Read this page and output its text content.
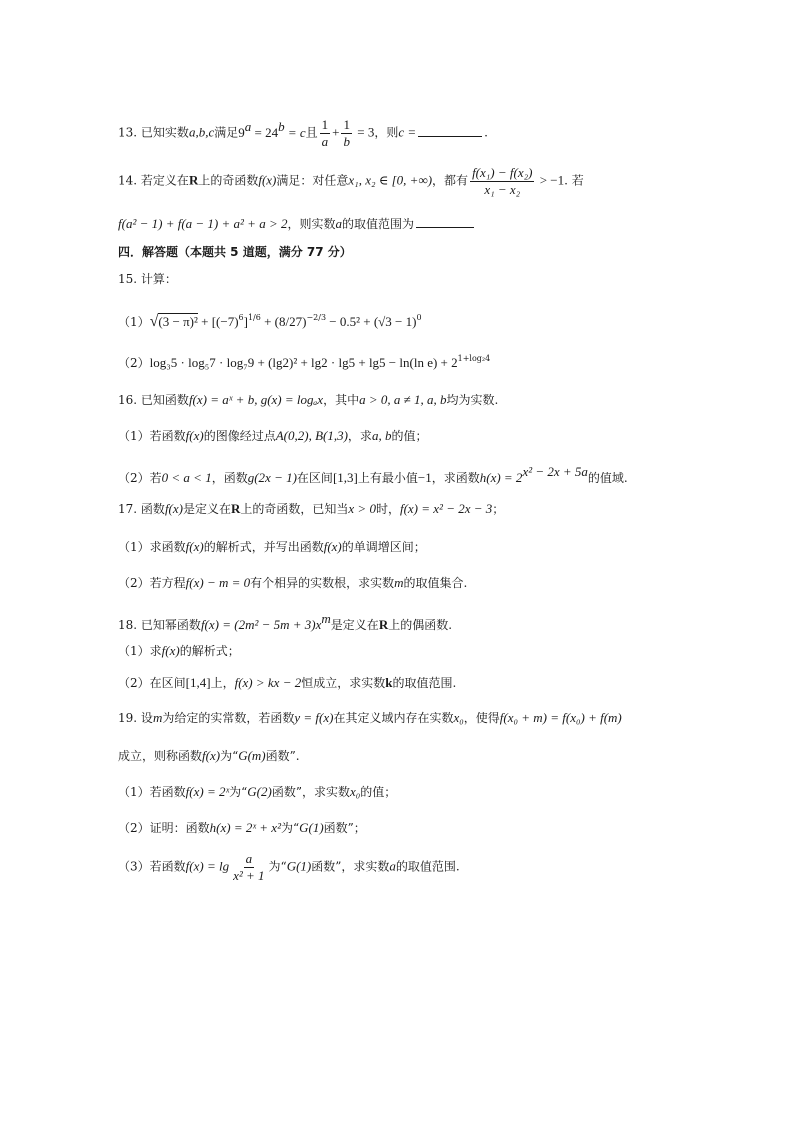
13. 已知实数a,b,c满足$9^a = 24^b = c$且 $\frac{1}{a} + \frac{1}{b} = 3$，则c =	.
14. 若定义在R上的奇函数f(x)满足：对任意x₁, x₂ ∈ [0, +∞)，都有 $\frac{\text{f(x₁) − f(x₂)}}{\text{x₁ − x₂}} > -1$. 若
f(a² − 1) + f(a − 1) + a² + a > 2，则实数a的取值范围为
四．解答题（本题共 5 道题，满分 77 分）
15. 计算：
$(1)√(3 - \pi)^2 + [(-7)^6]^{1/6} + (8/27)^{-2/3} - 0.5^2 + (√3 - 1)^0$
（2）log₃5 · log₅7 · log₇9 + (lg2)² + lg2 · lg5 + lg5 − ln(ln $e) + 2^{1+log_24}$
16. 已知函数f(x) = aˣ + b, g(x) = logₐx，其中a > 0, a ≠ 1, a, b均为实数.
（1）若函数f(x)的图像经过点A(0,2), B(1,3)，求a, b的值；
（2）若0 < a < 1，函数g(2x − 1)在区间[1,3]上有最小值−1，求函数$h(x) = 2^{x^2 - 2x + 5a}$的值域.
17. 函数f(x)是定义在R上的奇函数，已知当x > 0时，f(x) = x² − 2x − 3；
（1）求函数f(x)的解析式，并写出函数f(x)的单调增区间；
（2）若方程f(x) − m = 0有个相异的实数根，求实数m的取值集合.
18. 已知幂函数$f(x) = (2m^2 - 5m + 3)x^m$是定义在R上的偶函数.
（1）求f(x)的解析式；
（2）在区间[1,4]上，f(x) > kx − 2恒成立，求实数k的取值范围.
19. 设m为给定的实常数，若函数y = f(x)在其定义域内存在实数x₀，使得f(x₀ + m) = f(x₀) + f(m)
成立，则称函数f(x)为“G(m)函数”.
（1）若函数f(x) = 2ˣ为“G(2)函数”，求实数x₀的值；
（2）证明：函数h(x) = 2ˣ + x²为“G(1)函数”；
（3）若函数$f(x) = \lg \frac{a}{\text{x² + 1}}$ 为“G(1)函数”，求实数a的取值范围.
